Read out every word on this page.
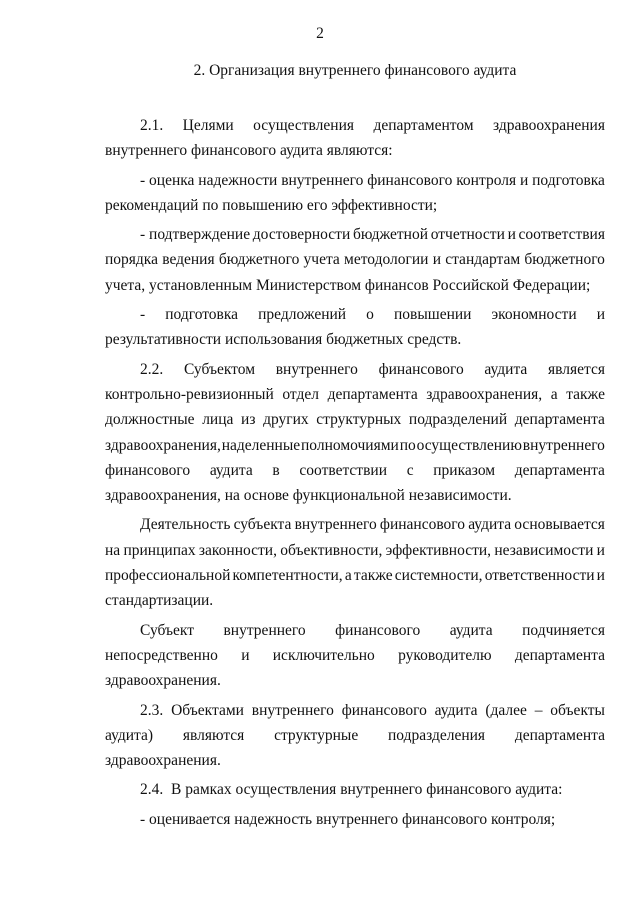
2
2. Организация внутреннего финансового аудита
2.1. Целями осуществления департаментом здравоохранения
внутреннего финансового аудита являются:
- оценка надежности внутреннего финансового контроля и подготовка
рекомендаций по повышению его эффективности;
- подтверждение достоверности бюджетной отчетности и соответствия
порядка ведения бюджетного учета методологии и стандартам бюджетного
учета, установленным Министерством финансов Российской Федерации;
- подготовка предложений о повышении экономности и
результативности использования бюджетных средств.
2.2. Субъектом внутреннего финансового аудита является
контрольно-ревизионный отдел департамента здравоохранения, а также
должностные лица из других структурных подразделений департамента
здравоохранения, наделенные полномочиями по осуществлению внутреннего
финансового аудита в соответствии с приказом департамента
здравоохранения, на основе функциональной независимости.
Деятельность субъекта внутреннего финансового аудита основывается
на принципах законности, объективности, эффективности, независимости и
профессиональной компетентности, а также системности, ответственности и
стандартизации.
Субъект внутреннего финансового аудита подчиняется
непосредственно и исключительно руководителю департамента
здравоохранения.
2.3. Объектами внутреннего финансового аудита (далее – объекты
аудита) являются структурные подразделения департамента
здравоохранения.
2.4.  В рамках осуществления внутреннего финансового аудита:
- оценивается надежность внутреннего финансового контроля;
